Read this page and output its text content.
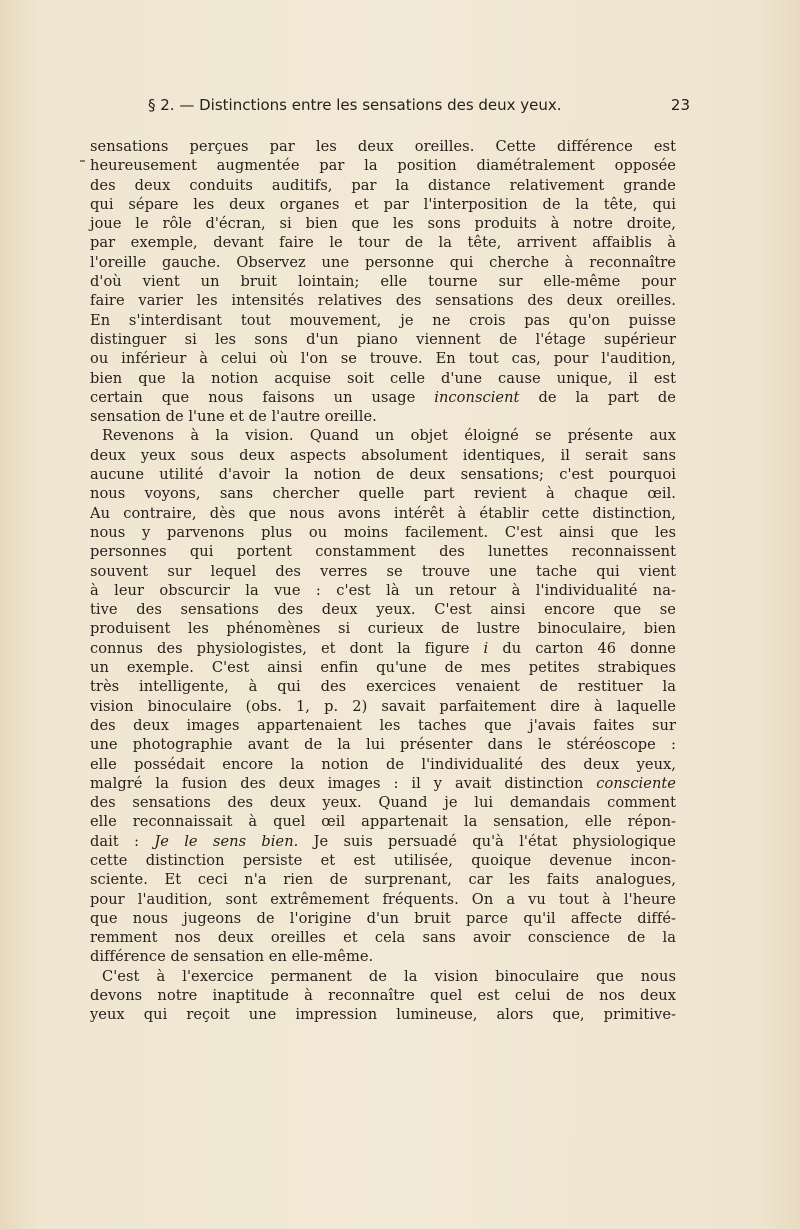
§ 2. — Distinctions entre les sensations des deux yeux.	23
sensations perçues par les deux oreilles. Cette différence est
heureusement augmentée par la position diamétralement opposée
des deux conduits auditifs, par la distance relativement grande
qui sépare les deux organes et par l'interposition de la tête, qui
joue le rôle d'écran, si bien que les sons produits à notre droite,
par exemple, devant faire le tour de la tête, arrivent affaiblis à
l'oreille gauche. Observez une personne qui cherche à reconnaître
d'où vient un bruit lointain; elle tourne sur elle-même pour
faire varier les intensités relatives des sensations des deux oreilles.
En s'interdisant tout mouvement, je ne crois pas qu'on puisse
distinguer si les sons d'un piano viennent de l'étage supérieur
ou inférieur à celui où l'on se trouve. En tout cas, pour l'audition,
bien que la notion acquise soit celle d'une cause unique, il est
certain que nous faisons un usage inconscient de la part de
sensation de l'une et de l'autre oreille.
Revenons à la vision. Quand un objet éloigné se présente aux
deux yeux sous deux aspects absolument identiques, il serait sans
aucune utilité d'avoir la notion de deux sensations; c'est pourquoi
nous voyons, sans chercher quelle part revient à chaque œil.
Au contraire, dès que nous avons intérêt à établir cette distinction,
nous y parvenons plus ou moins facilement. C'est ainsi que les
personnes qui portent constamment des lunettes reconnaissent
souvent sur lequel des verres se trouve une tache qui vient
à leur obscurcir la vue : c'est là un retour à l'individualité na-
tive des sensations des deux yeux. C'est ainsi encore que se
produisent les phénomènes si curieux de lustre binoculaire, bien
connus des physiologistes, et dont la figure i du carton 46 donne
un exemple. C'est ainsi enfin qu'une de mes petites strabiques
très intelligente, à qui des exercices venaient de restituer la
vision binoculaire (obs. 1, p. 2) savait parfaitement dire à laquelle
des deux images appartenaient les taches que j'avais faites sur
une photographie avant de la lui présenter dans le stéréoscope :
elle possédait encore la notion de l'individualité des deux yeux,
malgré la fusion des deux images : il y avait distinction consciente
des sensations des deux yeux. Quand je lui demandais comment
elle reconnaissait à quel œil appartenait la sensation, elle répon-
dait : Je le sens bien. Je suis persuadé qu'à l'état physiologique
cette distinction persiste et est utilisée, quoique devenue incon-
sciente. Et ceci n'a rien de surprenant, car les faits analogues,
pour l'audition, sont extrêmement fréquents. On a vu tout à l'heure
que nous jugeons de l'origine d'un bruit parce qu'il affecte diffé-
remment nos deux oreilles et cela sans avoir conscience de la
différence de sensation en elle-même.
C'est à l'exercice permanent de la vision binoculaire que nous
devons notre inaptitude à reconnaître quel est celui de nos deux
yeux qui reçoit une impression lumineuse, alors que, primitive-
